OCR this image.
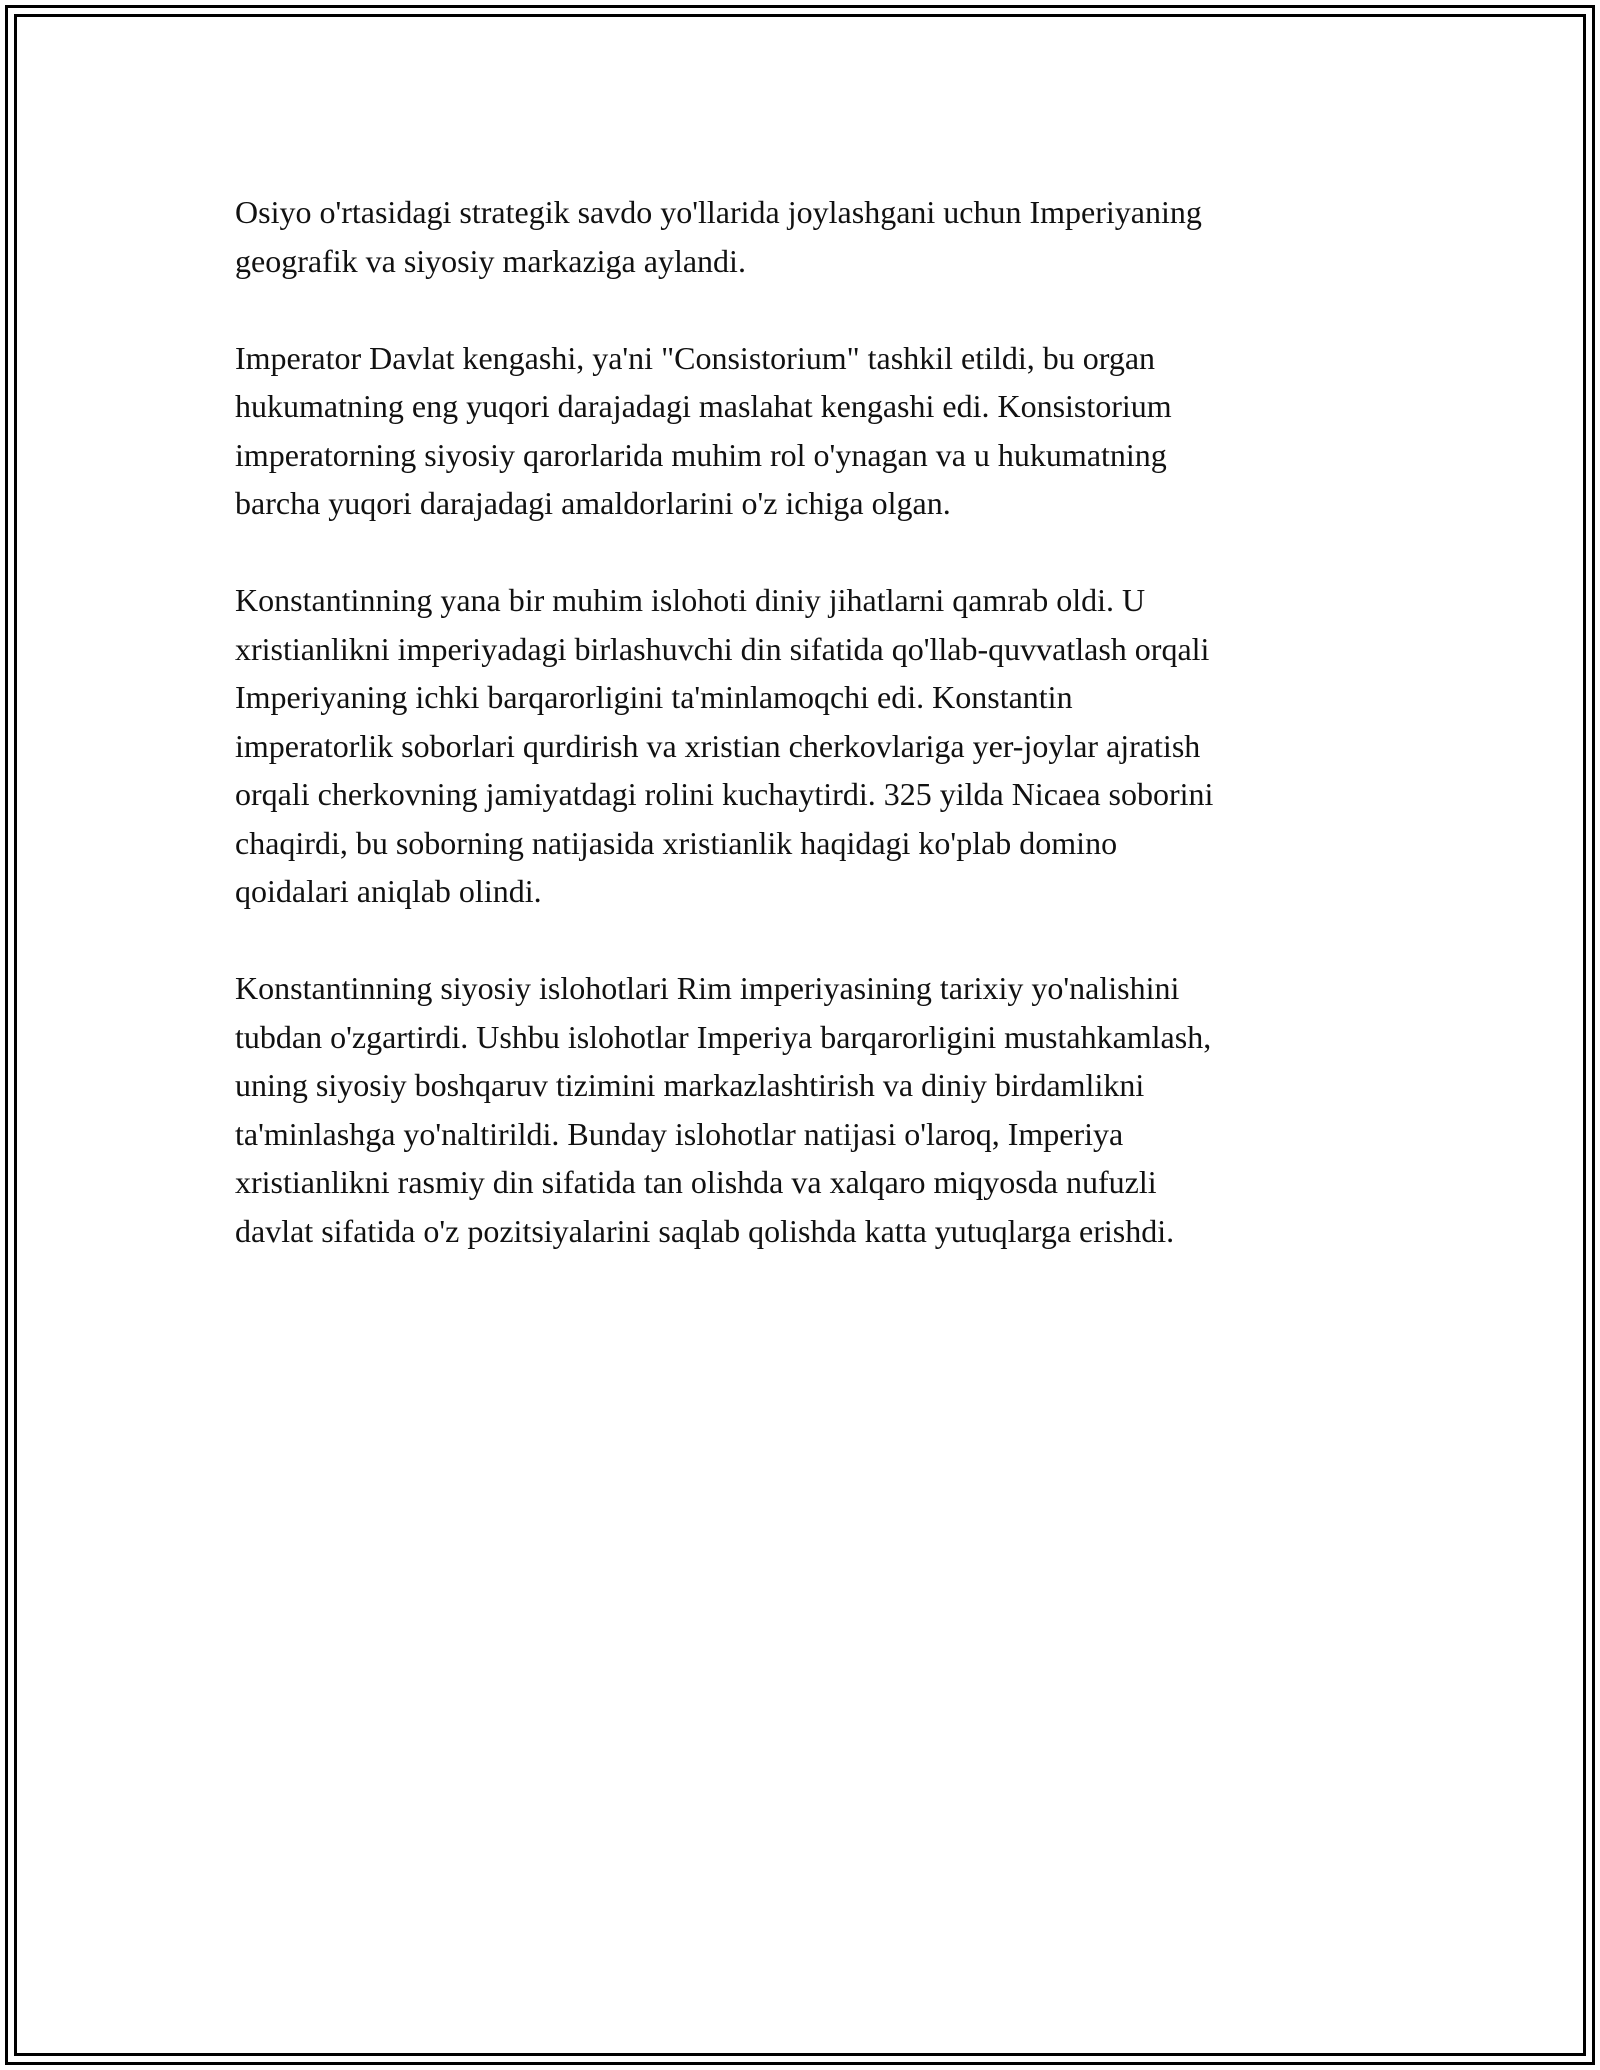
Osiyo o'rtasidagi strategik savdo yo'llarida joylashgani uchun Imperiyaning
geografik va siyosiy markaziga aylandi.

Imperator Davlat kengashi, ya'ni "Consistorium" tashkil etildi, bu organ
hukumatning eng yuqori darajadagi maslahat kengashi edi. Konsistorium
imperatorning siyosiy qarorlarida muhim rol o'ynagan va u hukumatning
barcha yuqori darajadagi amaldorlarini o'z ichiga olgan.

Konstantinning yana bir muhim islohoti diniy jihatlarni qamrab oldi. U
xristianlikni imperiyadagi birlashuvchi din sifatida qo'llab-quvvatlash orqali
Imperiyaning ichki barqarorligini ta'minlamoqchi edi. Konstantin
imperatorlik soborlari qurdirish va xristian cherkovlariga yer-joylar ajratish
orqali cherkovning jamiyatdagi rolini kuchaytirdi. 325 yilda Nicaea soborini
chaqirdi, bu soborning natijasida xristianlik haqidagi ko'plab domino
qoidalari aniqlab olindi.

Konstantinning siyosiy islohotlari Rim imperiyasining tarixiy yo'nalishini
tubdan o'zgartirdi. Ushbu islohotlar Imperiya barqarorligini mustahkamlash,
uning siyosiy boshqaruv tizimini markazlashtirish va diniy birdamlikni
ta'minlashga yo'naltirildi. Bunday islohotlar natijasi o'laroq, Imperiya
xristianlikni rasmiy din sifatida tan olishda va xalqaro miqyosda nufuzli
davlat sifatida o'z pozitsiyalarini saqlab qolishda katta yutuqlarga erishdi.
